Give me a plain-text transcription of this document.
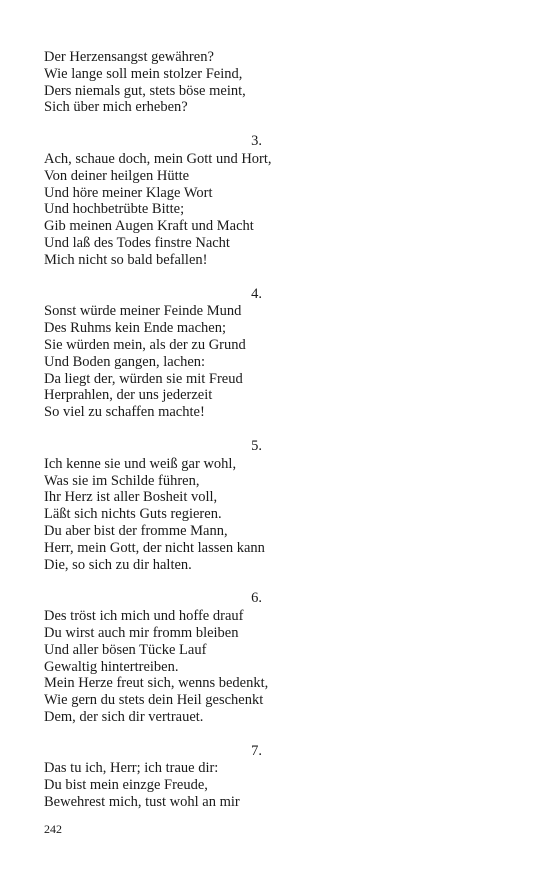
Der Herzensangst gewähren?
Wie lange soll mein stolzer Feind,
Ders niemals gut, stets böse meint,
Sich über mich erheben?
3.
Ach, schaue doch, mein Gott und Hort,
Von deiner heilgen Hütte
Und höre meiner Klage Wort
Und hochbetrübte Bitte;
Gib meinen Augen Kraft und Macht
Und laß des Todes finstre Nacht
Mich nicht so bald befallen!
4.
Sonst würde meiner Feinde Mund
Des Ruhms kein Ende machen;
Sie würden mein, als der zu Grund
Und Boden gangen, lachen:
Da liegt der, würden sie mit Freud
Herprahlen, der uns jederzeit
So viel zu schaffen machte!
5.
Ich kenne sie und weiß gar wohl,
Was sie im Schilde führen,
Ihr Herz ist aller Bosheit voll,
Läßt sich nichts Guts regieren.
Du aber bist der fromme Mann,
Herr, mein Gott, der nicht lassen kann
Die, so sich zu dir halten.
6.
Des tröst ich mich und hoffe drauf
Du wirst auch mir fromm bleiben
Und aller bösen Tücke Lauf
Gewaltig hintertreiben.
Mein Herze freut sich, wenns bedenkt,
Wie gern du stets dein Heil geschenkt
Dem, der sich dir vertrauet.
7.
Das tu ich, Herr; ich traue dir:
Du bist mein einzge Freude,
Bewehrest mich, tust wohl an mir
242
